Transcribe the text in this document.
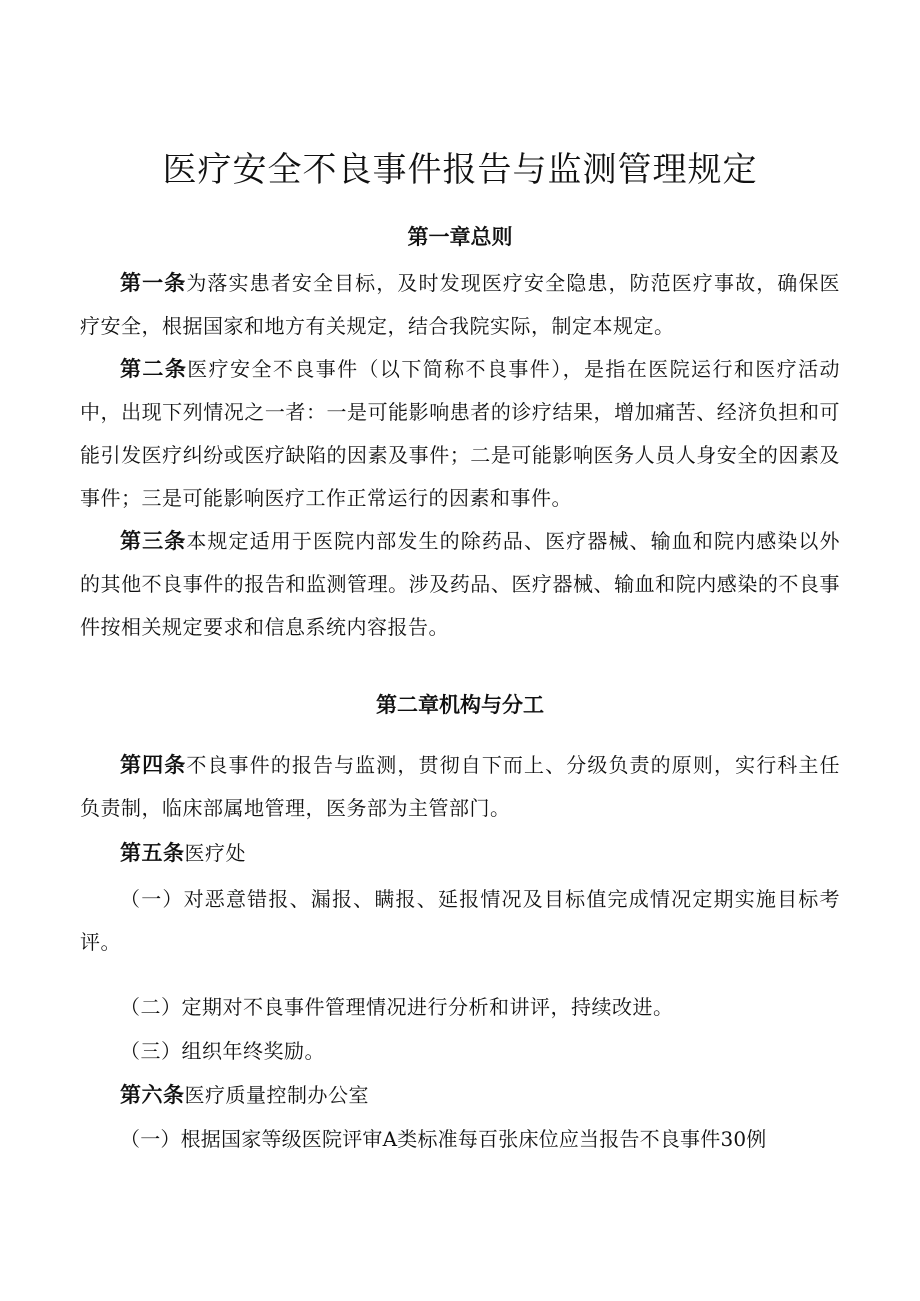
医疗安全不良事件报告与监测管理规定
第一章总则

第一条为落实患者安全目标，及时发现医疗安全隐患，防范医疗事故，确保医疗安全，根据国家和地方有关规定，结合我院实际，制定本规定。

第二条医疗安全不良事件（以下简称不良事件），是指在医院运行和医疗活动中，出现下列情况之一者：一是可能影响患者的诊疗结果，增加痛苦、经济负担和可能引发医疗纠纷或医疗缺陷的因素及事件；二是可能影响医务人员人身安全的因素及事件；三是可能影响医疗工作正常运行的因素和事件。

第三条本规定适用于医院内部发生的除药品、医疗器械、输血和院内感染以外的其他不良事件的报告和监测管理。涉及药品、医疗器械、输血和院内感染的不良事件按相关规定要求和信息系统内容报告。

第二章机构与分工

第四条不良事件的报告与监测，贯彻自下而上、分级负责的原则，实行科主任负责制，临床部属地管理，医务部为主管部门。

第五条医疗处

（一）对恶意错报、漏报、瞒报、延报情况及目标值完成情况定期实施目标考评。

（二）定期对不良事件管理情况进行分析和讲评，持续改进。

（三）组织年终奖励。

第六条医疗质量控制办公室

（一）根据国家等级医院评审A类标准每百张床位应当报告不良事件30例
